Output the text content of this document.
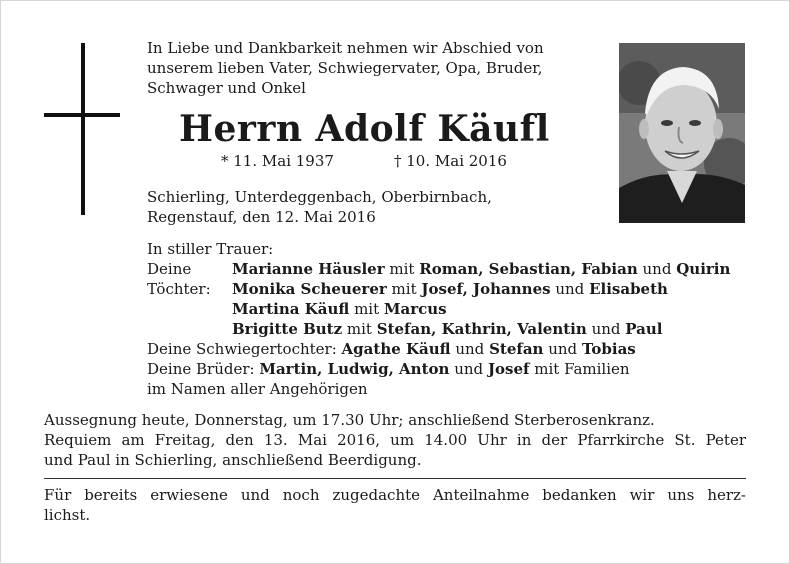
In Liebe und Dankbarkeit nehmen wir Abschied von
unserem lieben Vater, Schwiegervater, Opa, Bruder,
Schwager und Onkel
Herrn Adolf Käufl
* 11. Mai 1937	† 10. Mai 2016
Schierling, Unterdeggenbach, Oberbirnbach,
Regenstauf, den 12. Mai 2016
In stiller Trauer:
Deine	Marianne Häusler mit Roman, Sebastian, Fabian und Quirin
Töchter: Monika Scheuerer mit Josef, Johannes und Elisabeth
Martina Käufl mit Marcus
Brigitte Butz mit Stefan, Kathrin, Valentin und Paul
Deine Schwiegertochter: Agathe Käufl und Stefan und Tobias
Deine Brüder: Martin, Ludwig, Anton und Josef mit Familien
im Namen aller Angehörigen
Aussegnung heute, Donnerstag, um 17.30 Uhr; anschließend Sterberosenkranz.
Requiem am Freitag, den 13. Mai 2016, um 14.00 Uhr in der Pfarrkirche St. Peter
und Paul in Schierling, anschließend Beerdigung.
Für bereits erwiesene und noch zugedachte Anteilnahme bedanken wir uns herz-
lichst.
